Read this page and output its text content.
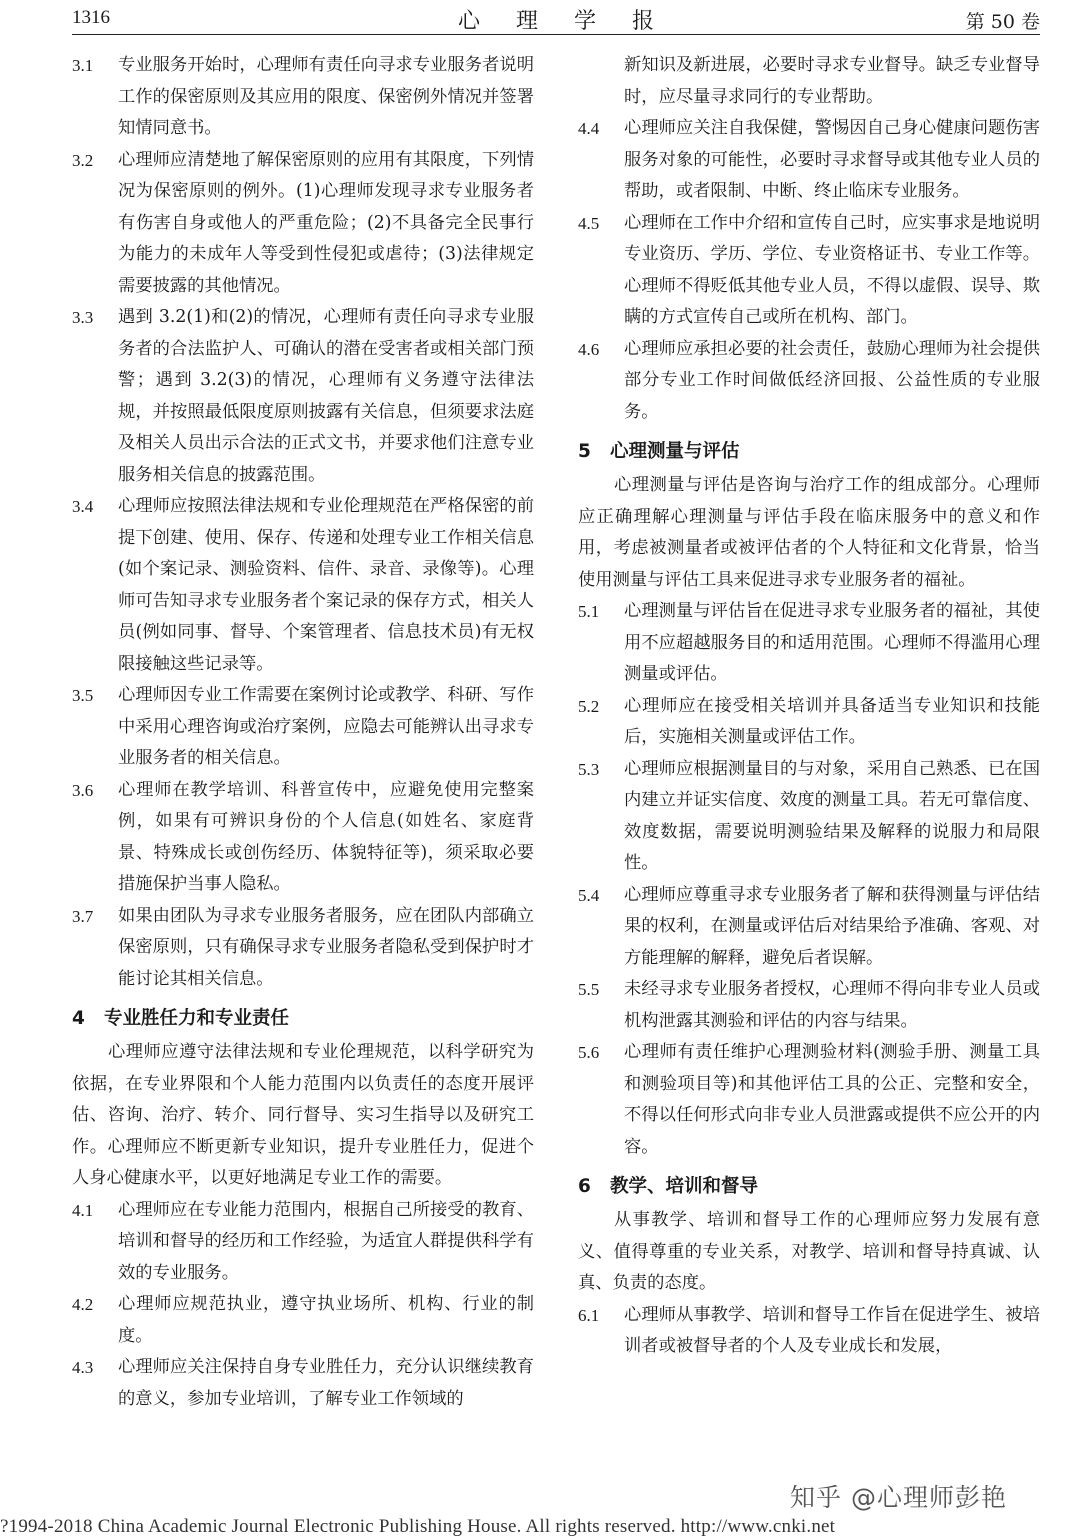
1316	心理学报	第 50 卷
3.1 专业服务开始时，心理师有责任向寻求专业服务者说明工作的保密原则及其应用的限度、保密例外情况并签署知情同意书。
3.2 心理师应清楚地了解保密原则的应用有其限度，下列情况为保密原则的例外。(1)心理师发现寻求专业服务者有伤害自身或他人的严重危险；(2)不具备完全民事行为能力的未成年人等受到性侵犯或虐待；(3)法律规定需要披露的其他情况。
3.3 遇到 3.2(1)和(2)的情况，心理师有责任向寻求专业服务者的合法监护人、可确认的潜在受害者或相关部门预警；遇到 3.2(3)的情况，心理师有义务遵守法律法规，并按照最低限度原则披露有关信息，但须要求法庭及相关人员出示合法的正式文书，并要求他们注意专业服务相关信息的披露范围。
3.4 心理师应按照法律法规和专业伦理规范在严格保密的前提下创建、使用、保存、传递和处理专业工作相关信息(如个案记录、测验资料、信件、录音、录像等)。心理师可告知寻求专业服务者个案记录的保存方式，相关人员(例如同事、督导、个案管理者、信息技术员)有无权限接触这些记录等。
3.5 心理师因专业工作需要在案例讨论或教学、科研、写作中采用心理咨询或治疗案例，应隐去可能辨认出寻求专业服务者的相关信息。
3.6 心理师在教学培训、科普宣传中，应避免使用完整案例，如果有可辨识身份的个人信息(如姓名、家庭背景、特殊成长或创伤经历、体貌特征等)，须采取必要措施保护当事人隐私。
3.7 如果由团队为寻求专业服务者服务，应在团队内部确立保密原则，只有确保寻求专业服务者隐私受到保护时才能讨论其相关信息。
4 专业胜任力和专业责任
心理师应遵守法律法规和专业伦理规范，以科学研究为依据，在专业界限和个人能力范围内以负责任的态度开展评估、咨询、治疗、转介、同行督导、实习生指导以及研究工作。心理师应不断更新专业知识，提升专业胜任力，促进个人身心健康水平，以更好地满足专业工作的需要。
4.1 心理师应在专业能力范围内，根据自己所接受的教育、培训和督导的经历和工作经验，为适宜人群提供科学有效的专业服务。
4.2 心理师应规范执业，遵守执业场所、机构、行业的制度。
4.3 心理师应关注保持自身专业胜任力，充分认识继续教育的意义，参加专业培训，了解专业工作领域的
新知识及新进展，必要时寻求专业督导。缺乏专业督导时，应尽量寻求同行的专业帮助。
4.4 心理师应关注自我保健，警惕因自己身心健康问题伤害服务对象的可能性，必要时寻求督导或其他专业人员的帮助，或者限制、中断、终止临床专业服务。
4.5 心理师在工作中介绍和宣传自己时，应实事求是地说明专业资历、学历、学位、专业资格证书、专业工作等。心理师不得贬低其他专业人员，不得以虚假、误导、欺瞒的方式宣传自己或所在机构、部门。
4.6 心理师应承担必要的社会责任，鼓励心理师为社会提供部分专业工作时间做低经济回报、公益性质的专业服务。
5 心理测量与评估
心理测量与评估是咨询与治疗工作的组成部分。心理师应正确理解心理测量与评估手段在临床服务中的意义和作用，考虑被测量者或被评估者的个人特征和文化背景，恰当使用测量与评估工具来促进寻求专业服务者的福祉。
5.1 心理测量与评估旨在促进寻求专业服务者的福祉，其使用不应超越服务目的和适用范围。心理师不得滥用心理测量或评估。
5.2 心理师应在接受相关培训并具备适当专业知识和技能后，实施相关测量或评估工作。
5.3 心理师应根据测量目的与对象，采用自己熟悉、已在国内建立并证实信度、效度的测量工具。若无可靠信度、效度数据，需要说明测验结果及解释的说服力和局限性。
5.4 心理师应尊重寻求专业服务者了解和获得测量与评估结果的权利，在测量或评估后对结果给予准确、客观、对方能理解的解释，避免后者误解。
5.5 未经寻求专业服务者授权，心理师不得向非专业人员或机构泄露其测验和评估的内容与结果。
5.6 心理师有责任维护心理测验材料(测验手册、测量工具和测验项目等)和其他评估工具的公正、完整和安全，不得以任何形式向非专业人员泄露或提供不应公开的内容。
6 教学、培训和督导
从事教学、培训和督导工作的心理师应努力发展有意义、值得尊重的专业关系，对教学、培训和督导持真诚、认真、负责的态度。
6.1 心理师从事教学、培训和督导工作旨在促进学生、被培训者或被督导者的个人及专业成长和发展，
知乎 @心理师彭艳
?1994-2018 China Academic Journal Electronic Publishing House. All rights reserved. http://www.cnki.net
